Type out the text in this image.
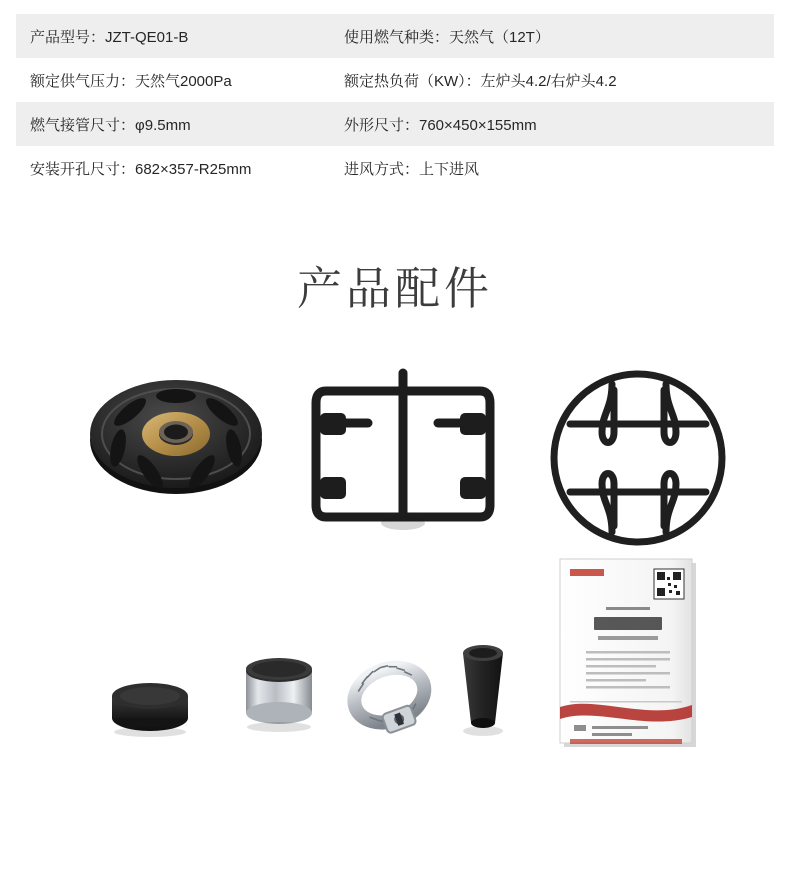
产品型号：JZT-QE01-B	使用燃气种类：天然气（12T）
额定供气压力：天然气2000Pa	额定热负荷（KW）：左炉头4.2/右炉头4.2
燃气接管尺寸：φ9.5mm	外形尺寸：760×450×155mm
安装开孔尺寸：682×357-R25mm	进风方式：上下进风
产品配件
